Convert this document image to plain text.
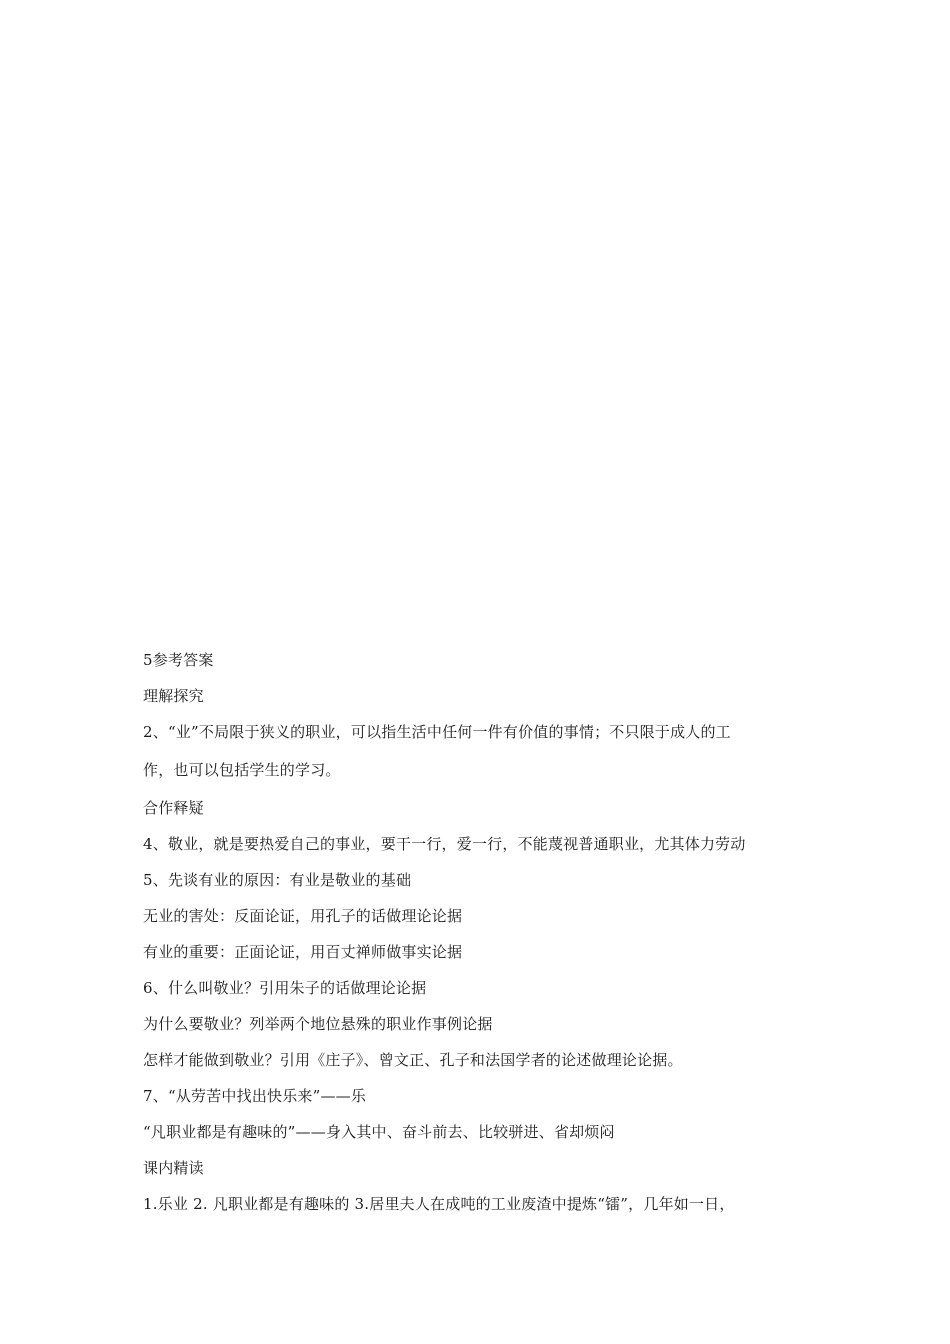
5参考答案
理解探究
2、“业”不局限于狭义的职业，可以指生活中任何一件有价值的事情；不只限于成人的工
作，也可以包括学生的学习。
合作释疑
4、敬业，就是要热爱自己的事业，要干一行，爱一行，不能蔑视普通职业，尤其体力劳动
5、先谈有业的原因：有业是敬业的基础
无业的害处：反面论证，用孔子的话做理论论据
有业的重要：正面论证，用百丈禅师做事实论据
6、什么叫敬业？引用朱子的话做理论论据
为什么要敬业？列举两个地位悬殊的职业作事例论据
怎样才能做到敬业？引用《庄子》、曾文正、孔子和法国学者的论述做理论论据。
7、“从劳苦中找出快乐来”——乐
“凡职业都是有趣味的”——身入其中、奋斗前去、比较骈进、省却烦闷
课内精读
1.乐业 2. 凡职业都是有趣味的 3.居里夫人在成吨的工业废渣中提炼“镭”，几年如一日，
